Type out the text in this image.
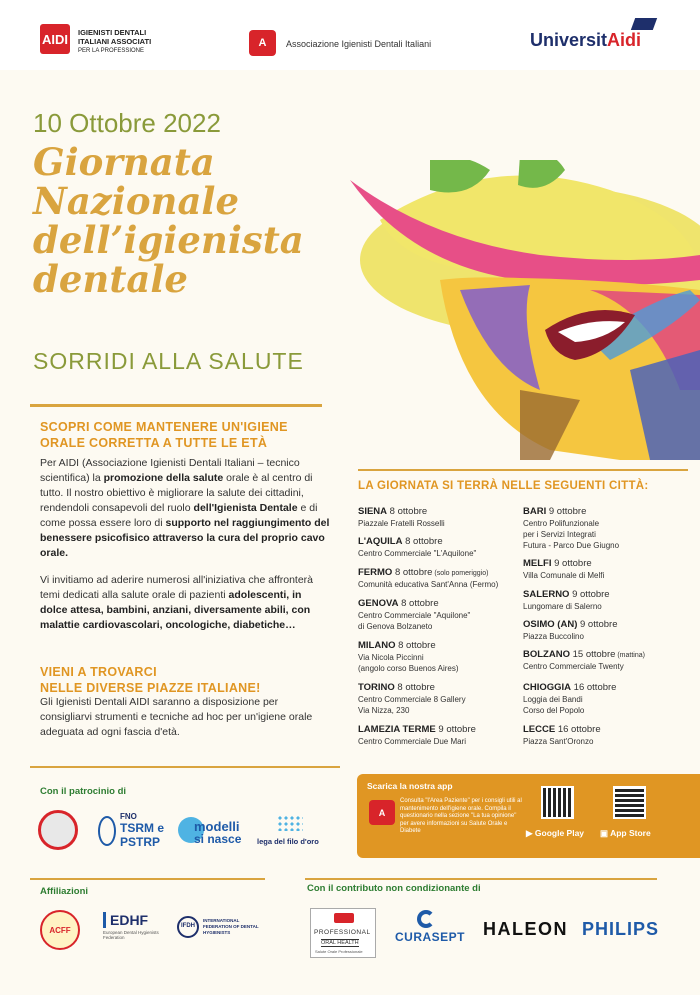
AIDI IGIENISTI DENTALI
ITALIANI ASSOCIATI
PER LA PROFESSIONE
A	Associazione Igienisti Dentali Italiani	UniversitAidi
10 Ottobre 2022
Giornata
Nazionale
dell’igienista
dentale
SORRIDI ALLA SALUTE
SCOPRI COME MANTENERE UN'IGIENE
ORALE CORRETTA A TUTTE LE ETÀ
Per AIDI (Associazione Igienisti Dentali Italiani – tecnico scientifica) la promozione della salute orale è al centro di tutto. Il nostro obiettivo è migliorare la salute dei cittadini, rendendoli consapevoli del ruolo dell'Igienista Dentale e di come possa essere loro di supporto nel raggiungimento del benessere psicofisico attraverso la cura del proprio cavo orale.
Vi invitiamo ad aderire numerosi all'iniziativa che affronterà temi dedicati alla salute orale di pazienti adolescenti, in dolce attesa, bambini, anziani, diversamente abili, con malattie cardiovascolari, oncologiche, diabetiche…
VIENI A TROVARCI
NELLE DIVERSE PIAZZE ITALIANE!
Gli Igienisti Dentali AIDI saranno a disposizione per consigliarvi strumenti e tecniche ad hoc per un'igiene orale adeguata ad ogni fascia d'età.
LA GIORNATA SI TERRÀ NELLE SEGUENTI CITTÀ:
SIENA 8 ottobre
Piazzale Fratelli Rosselli
L'AQUILA 8 ottobre
Centro Commerciale "L'Aquilone"
FERMO 8 ottobre (solo pomeriggio)
Comunità educativa Sant'Anna (Fermo)
GENOVA 8 ottobre
Centro Commerciale "Aquilone"
di Genova Bolzaneto
MILANO 8 ottobre
Via Nicola Piccinni
(angolo corso Buenos Aires)
TORINO 8 ottobre
Centro Commerciale 8 Gallery
Via Nizza, 230
LAMEZIA TERME 9 ottobre
Centro Commerciale Due Mari
BARI 9 ottobre
Centro Polifunzionale
per i Servizi Integrati
Futura - Parco Due Giugno
MELFI 9 ottobre
Villa Comunale di Melfi
SALERNO 9 ottobre
Lungomare di Salerno
OSIMO (AN) 9 ottobre
Piazza Buccolino
BOLZANO 15 ottobre (mattina)
Centro Commerciale Twenty
CHIOGGIA 16 ottobre
Loggia dei Bandi
Corso del Popolo
LECCE 16 ottobre
Piazza Sant'Oronzo
Con il patrocinio di
FNO
TSRM e
PSTRP
modelli
si nasce lega del filo d'oro
Scarica la nostra app
A
Consulta "l'Area Paziente" per i consigli utili al mantenimento dell'igiene orale. Compila il questionario nella sezione "La tua opinione" per avere informazioni su Salute Orale e Diabete	▶ Google Play ▣ App Store
Affiliazioni
ACFF
EDHF
European Dental Hygienists Federation
IFDH
INTERNATIONAL FEDERATION OF DENTAL HYGIENISTS
Con il contributo non condizionante di
PROFESSIONAL
ORAL HEALTH
Salute Orale Professionale
CURASEPT HALEON PHILIPS
